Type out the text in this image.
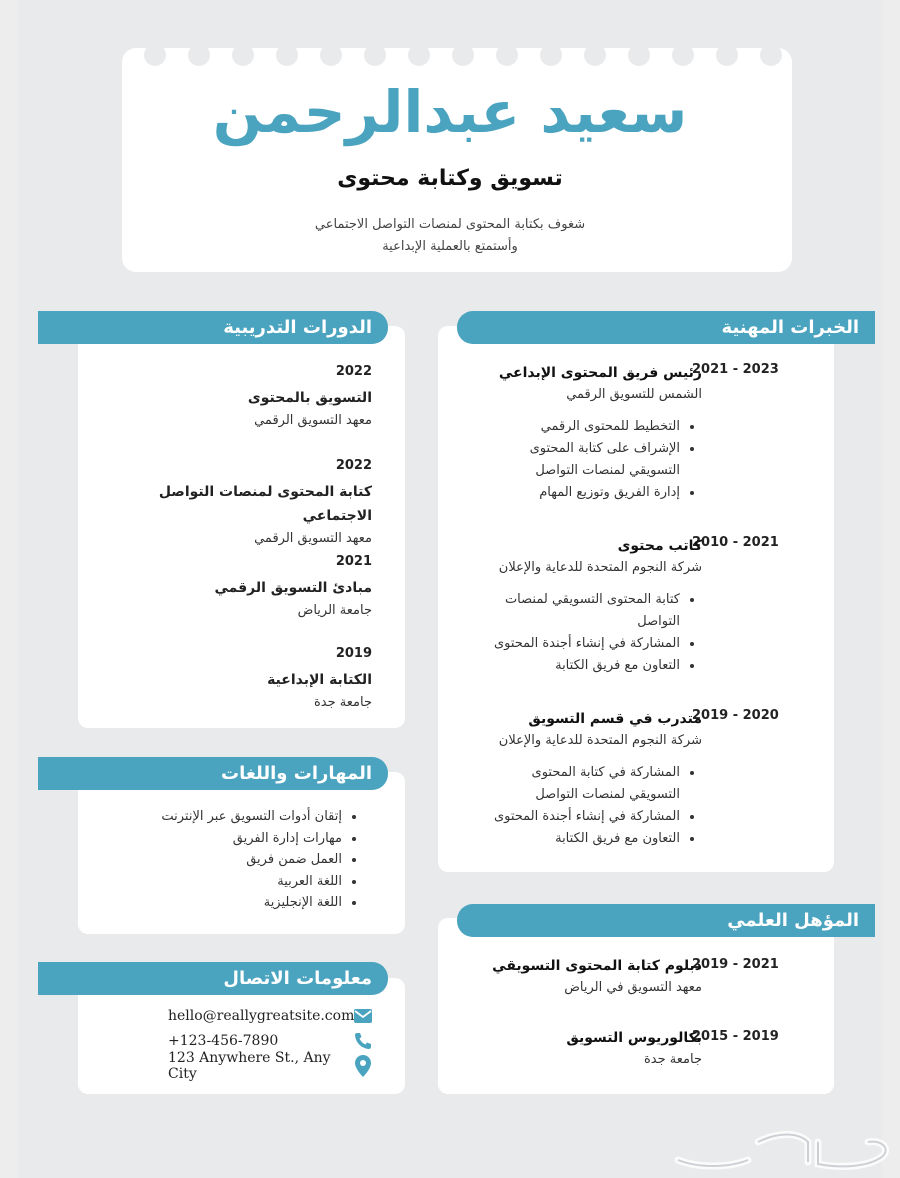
سعيد عبدالرحمن
تسويق وكتابة محتوى
شغوف بكتابة المحتوى لمنصات التواصل الاجتماعي
وأستمتع بالعملية الإبداعية
الخبرات المهنية
2021 - 2023
رئيس فريق المحتوى الإبداعي
الشمس للتسويق الرقمي
• التخطيط للمحتوى الرقمي
• الإشراف على كتابة المحتوى التسويقي لمنصات التواصل
• إدارة الفريق وتوزيع المهام
2010 - 2021
كاتب محتوى
شركة النجوم المتحدة للدعاية والإعلان
• كتابة المحتوى التسويقي لمنصات التواصل
• المشاركة في إنشاء أجندة المحتوى
• التعاون مع فريق الكتابة
2019 - 2020
متدرب في قسم التسويق
شركة النجوم المتحدة للدعاية والإعلان
• المشاركة في كتابة المحتوى التسويقي لمنصات التواصل
• المشاركة في إنشاء أجندة المحتوى
• التعاون مع فريق الكتابة
الدورات التدريبية
2022
التسويق بالمحتوى
معهد التسويق الرقمي
2022
كتابة المحتوى لمنصات التواصل الاجتماعي
معهد التسويق الرقمي
2021
مبادئ التسويق الرقمي
جامعة الرياض
2019
الكتابة الإبداعية
جامعة جدة
المهارات واللغات
• إتقان أدوات التسويق عبر الإنترنت
• مهارات إدارة الفريق
• العمل ضمن فريق
• اللغة العربية
• اللغة الإنجليزية
معلومات الاتصال
hello@reallygreatsite.com
+123-456-7890
123 Anywhere St., Any City
المؤهل العلمي
2019 - 2021
دبلوم كتابة المحتوى التسويقي
معهد التسويق في الرياض
2015 - 2019
بكالوريوس التسويق
جامعة جدة
